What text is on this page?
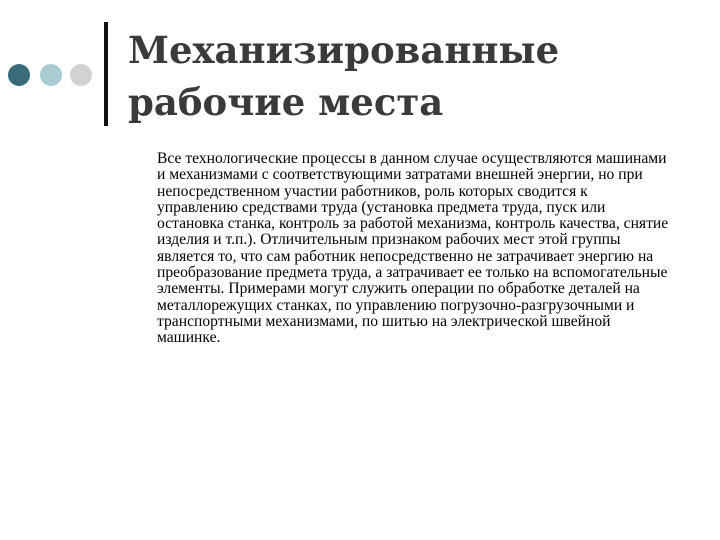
Механизированные
рабочие места

Все технологические процессы в данном случае осуществляются машинами и механизмами с соответствующими затратами внешней энергии, но при непосредственном участии работников, роль которых сводится к управлению средствами труда (установка предмета труда, пуск или остановка станка, контроль за работой механизма, контроль качества, снятие изделия и т.п.). Отличительным признаком рабочих мест этой группы является то, что сам работник непосредственно не затрачивает энергию на преобразование предмета труда, а затрачивает ее только на вспомогательные элементы. Примерами могут служить операции по обработке деталей на металлорежущих станках, по управлению погрузочно-разгрузочными и транспортными механизмами, по шитью на электрической швейной машинке.
